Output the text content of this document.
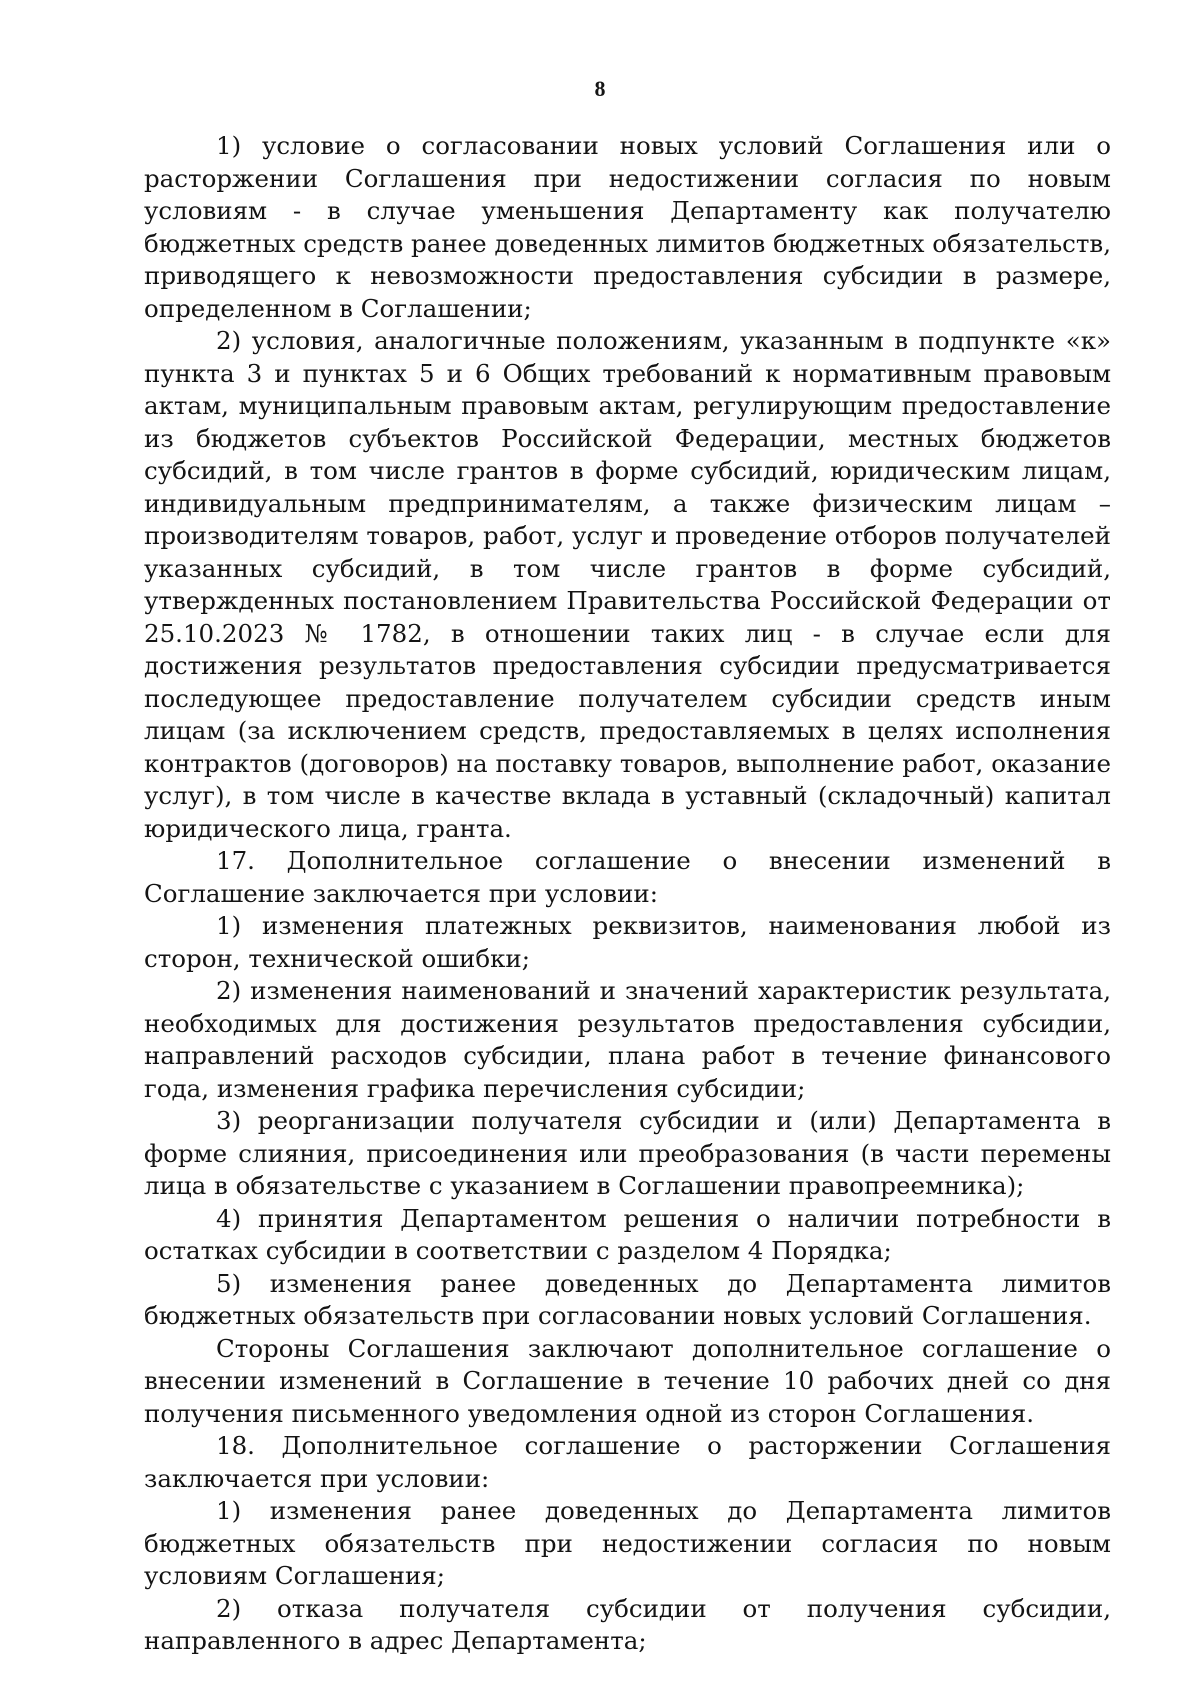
8

1) условие о согласовании новых условий Соглашения или о расторжении Соглашения при недостижении согласия по новым условиям - в случае уменьшения Департаменту как получателю бюджетных средств ранее доведенных лимитов бюджетных обязательств, приводящего к невозможности предоставления субсидии в размере, определенном в Соглашении;

2) условия, аналогичные положениям, указанным в подпункте «к» пункта 3 и пунктах 5 и 6 Общих требований к нормативным правовым актам, муниципальным правовым актам, регулирующим предоставление из бюджетов субъектов Российской Федерации, местных бюджетов субсидий, в том числе грантов в форме субсидий, юридическим лицам, индивидуальным предпринимателям, а также физическим лицам – производителям товаров, работ, услуг и проведение отборов получателей указанных субсидий, в том числе грантов в форме субсидий, утвержденных постановлением Правительства Российской Федерации от 25.10.2023 № 1782, в отношении таких лиц - в случае если для достижения результатов предоставления субсидии предусматривается последующее предоставление получателем субсидии средств иным лицам (за исключением средств, предоставляемых в целях исполнения контрактов (договоров) на поставку товаров, выполнение работ, оказание услуг), в том числе в качестве вклада в уставный (складочный) капитал юридического лица, гранта.

17. Дополнительное соглашение о внесении изменений в Соглашение заключается при условии:

1) изменения платежных реквизитов, наименования любой из сторон, технической ошибки;

2) изменения наименований и значений характеристик результата, необходимых для достижения результатов предоставления субсидии, направлений расходов субсидии, плана работ в течение финансового года, изменения графика перечисления субсидии;

3) реорганизации получателя субсидии и (или) Департамента в форме слияния, присоединения или преобразования (в части перемены лица в обязательстве с указанием в Соглашении правопреемника);

4) принятия Департаментом решения о наличии потребности в остатках субсидии в соответствии с разделом 4 Порядка;

5) изменения ранее доведенных до Департамента лимитов бюджетных обязательств при согласовании новых условий Соглашения.

Стороны Соглашения заключают дополнительное соглашение о внесении изменений в Соглашение в течение 10 рабочих дней со дня получения письменного уведомления одной из сторон Соглашения.

18. Дополнительное соглашение о расторжении Соглашения заключается при условии:

1) изменения ранее доведенных до Департамента лимитов бюджетных обязательств при недостижении согласия по новым условиям Соглашения;

2) отказа получателя субсидии от получения субсидии, направленного в адрес Департамента;
